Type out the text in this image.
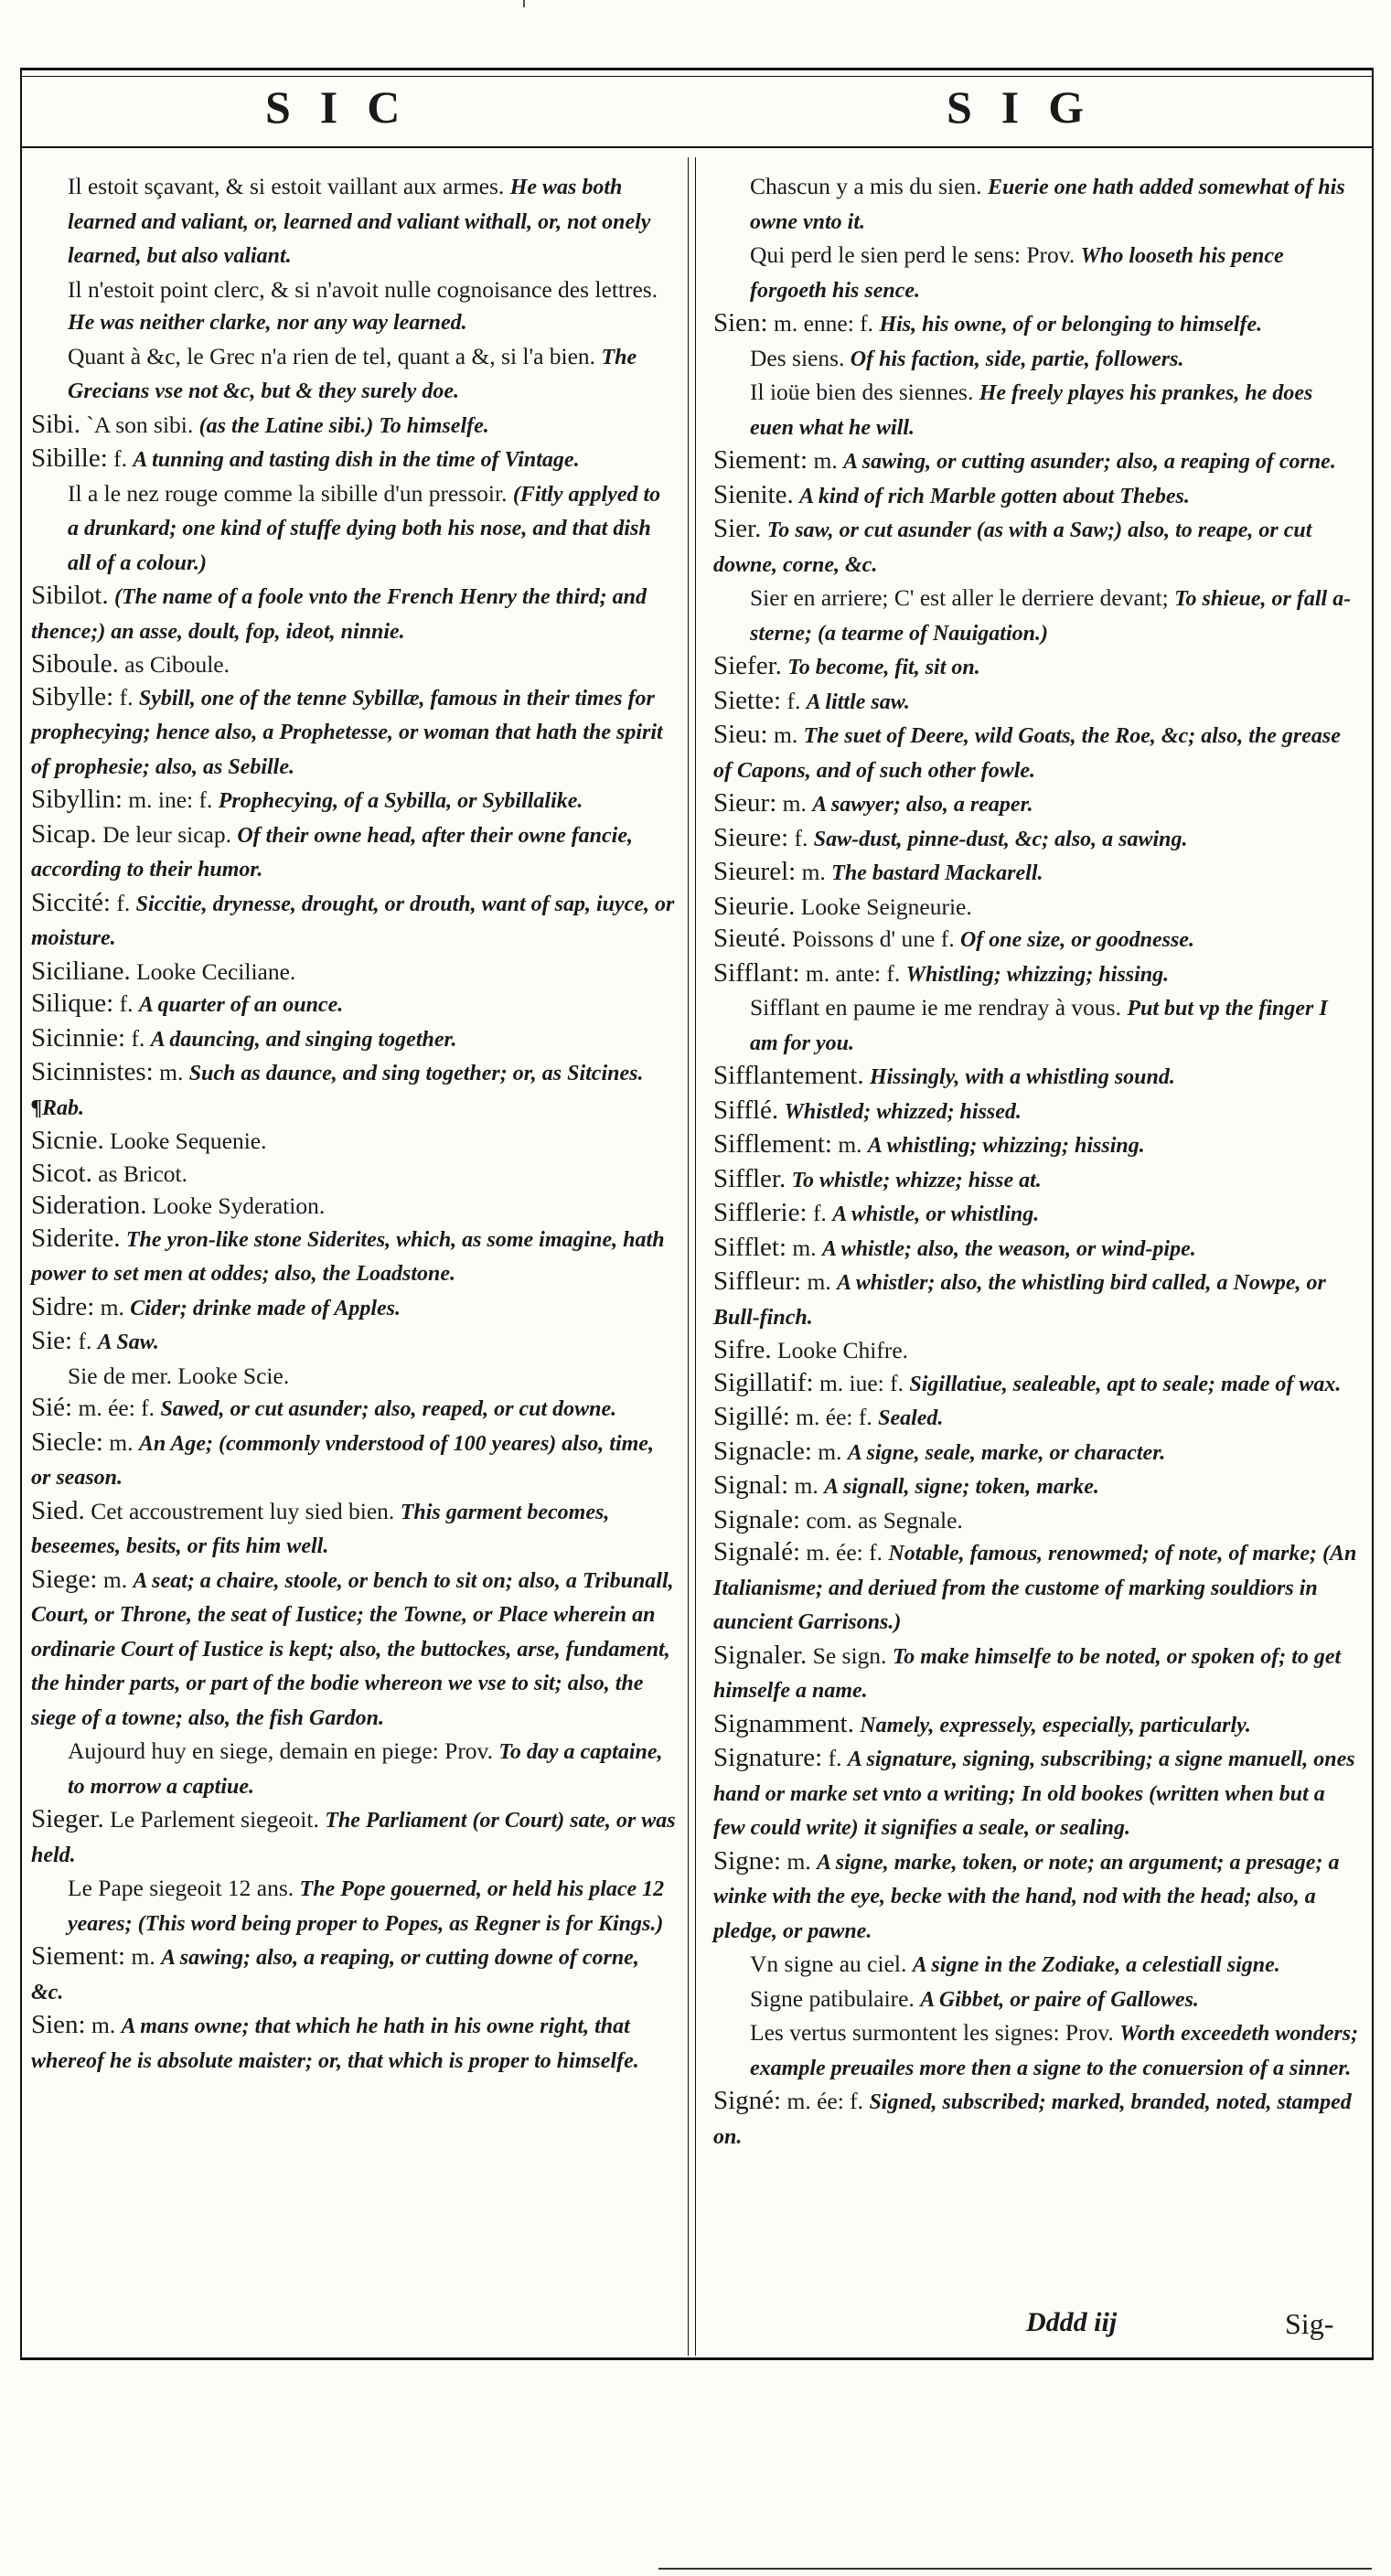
SIC	SIG
Il estoit sçavant, & si estoit vaillant aux armes. He was both learned and valiant, or, learned and valiant withall, or, not onely learned, but also valiant.
Il n'estoit point clerc, & si n'avoit nulle cognoisance des lettres. He was neither clarke, nor any way learned.
Quant à &c, le Grec n'a rien de tel, quant a &, si l'a bien. The Grecians vse not &c, but & they surely doe.
Sibi. `A son sibi. (as the Latine sibi.) To himselfe.
Sibille: f. A tunning and tasting dish in the time of Vintage.
Il a le nez rouge comme la sibille d'un pressoir. (Fitly applyed to a drunkard; one kind of stuffe dying both his nose, and that dish all of a colour.)
Sibilot. (The name of a foole vnto the French Henry the third; and thence;) an asse, doult, fop, ideot, ninnie.
Siboule. as Ciboule.
Sibylle: f. Sybill, one of the tenne Sybillæ, famous in their times for prophecying; hence also, a Prophetesse, or woman that hath the spirit of prophesie; also, as Sebille.
Sibyllin: m. ine: f. Prophecying, of a Sybilla, or Sybillalike.
Sicap. De leur sicap. Of their owne head, after their owne fancie, according to their humor.
Siccité: f. Siccitie, drynesse, drought, or drouth, want of sap, iuyce, or moisture.
Siciliane. Looke Ceciliane.
Silique: f. A quarter of an ounce.
Sicinnie: f. A dauncing, and singing together.
Sicinnistes: m. Such as daunce, and sing together; or, as Sitcines. ¶Rab.
Sicnie. Looke Sequenie.
Sicot. as Bricot.
Sideration. Looke Syderation.
Siderite. The yron-like stone Siderites, which, as some imagine, hath power to set men at oddes; also, the Loadstone.
Sidre: m. Cider; drinke made of Apples.
Sie: f. A Saw.
Sie de mer. Looke Scie.
Sié: m. ée: f. Sawed, or cut asunder; also, reaped, or cut downe.
Siecle: m. An Age; (commonly vnderstood of 100 yeares) also, time, or season.
Sied. Cet accoustrement luy sied bien. This garment becomes, beseemes, besits, or fits him well.
Siege: m. A seat; a chaire, stoole, or bench to sit on; also, a Tribunall, Court, or Throne, the seat of Iustice; the Towne, or Place wherein an ordinarie Court of Iustice is kept; also, the buttockes, arse, fundament, the hinder parts, or part of the bodie whereon we vse to sit; also, the siege of a towne; also, the fish Gardon.
Aujourd huy en siege, demain en piege: Prov. To day a captaine, to morrow a captiue.
Sieger. Le Parlement siegeoit. The Parliament (or Court) sate, or was held.
Le Pape siegeoit 12 ans. The Pope gouerned, or held his place 12 yeares; (This word being proper to Popes, as Regner is for Kings.)
Siement: m. A sawing; also, a reaping, or cutting downe of corne, &c.
Sien: m. A mans owne; that which he hath in his owne right, that whereof he is absolute maister; or, that which is proper to himselfe.
Chascun y a mis du sien. Euerie one hath added somewhat of his owne vnto it.
Qui perd le sien perd le sens: Prov. Who looseth his pence forgoeth his sence.
Sien: m. enne: f. His, his owne, of or belonging to himselfe.
Des siens. Of his faction, side, partie, followers.
Il ioüe bien des siennes. He freely playes his prankes, he does euen what he will.
Siement: m. A sawing, or cutting asunder; also, a reaping of corne.
Sienite. A kind of rich Marble gotten about Thebes.
Sier. To saw, or cut asunder (as with a Saw;) also, to reape, or cut downe, corne, &c.
Sier en arriere; C' est aller le derriere devant; To shieue, or fall a-sterne; (a tearme of Nauigation.)
Siefer. To become, fit, sit on.
Siette: f. A little saw.
Sieu: m. The suet of Deere, wild Goats, the Roe, &c; also, the grease of Capons, and of such other fowle.
Sieur: m. A sawyer; also, a reaper.
Sieure: f. Saw-dust, pinne-dust, &c; also, a sawing.
Sieurel: m. The bastard Mackarell.
Sieurie. Looke Seigneurie.
Sieuté. Poissons d' une f. Of one size, or goodnesse.
Sifflant: m. ante: f. Whistling; whizzing; hissing.
Sifflant en paume ie me rendray à vous. Put but vp the finger I am for you.
Sifflantement. Hissingly, with a whistling sound.
Sifflé. Whistled; whizzed; hissed.
Sifflement: m. A whistling; whizzing; hissing.
Siffler. To whistle; whizze; hisse at.
Sifflerie: f. A whistle, or whistling.
Sifflet: m. A whistle; also, the weason, or wind-pipe.
Siffleur: m. A whistler; also, the whistling bird called, a Nowpe, or Bull-finch.
Sifre. Looke Chifre.
Sigillatif: m. iue: f. Sigillatiue, sealeable, apt to seale; made of wax.
Sigillé: m. ée: f. Sealed.
Signacle: m. A signe, seale, marke, or character.
Signal: m. A signall, signe; token, marke.
Signale: com. as Segnale.
Signalé: m. ée: f. Notable, famous, renowmed; of note, of marke; (An Italianisme; and deriued from the custome of marking souldiors in auncient Garrisons.)
Signaler. Se sign. To make himselfe to be noted, or spoken of; to get himselfe a name.
Signamment. Namely, expressely, especially, particularly.
Signature: f. A signature, signing, subscribing; a signe manuell, ones hand or marke set vnto a writing; In old bookes (written when but a few could write) it signifies a seale, or sealing.
Signe: m. A signe, marke, token, or note; an argument; a presage; a winke with the eye, becke with the hand, nod with the head; also, a pledge, or pawne.
Vn signe au ciel. A signe in the Zodiake, a celestiall signe.
Signe patibulaire. A Gibbet, or paire of Gallowes.
Les vertus surmontent les signes: Prov. Worth exceedeth wonders; example preuailes more then a signe to the conuersion of a sinner.
Signé: m. ée: f. Signed, subscribed; marked, branded, noted, stamped on.
Dddd iij	Sig-
